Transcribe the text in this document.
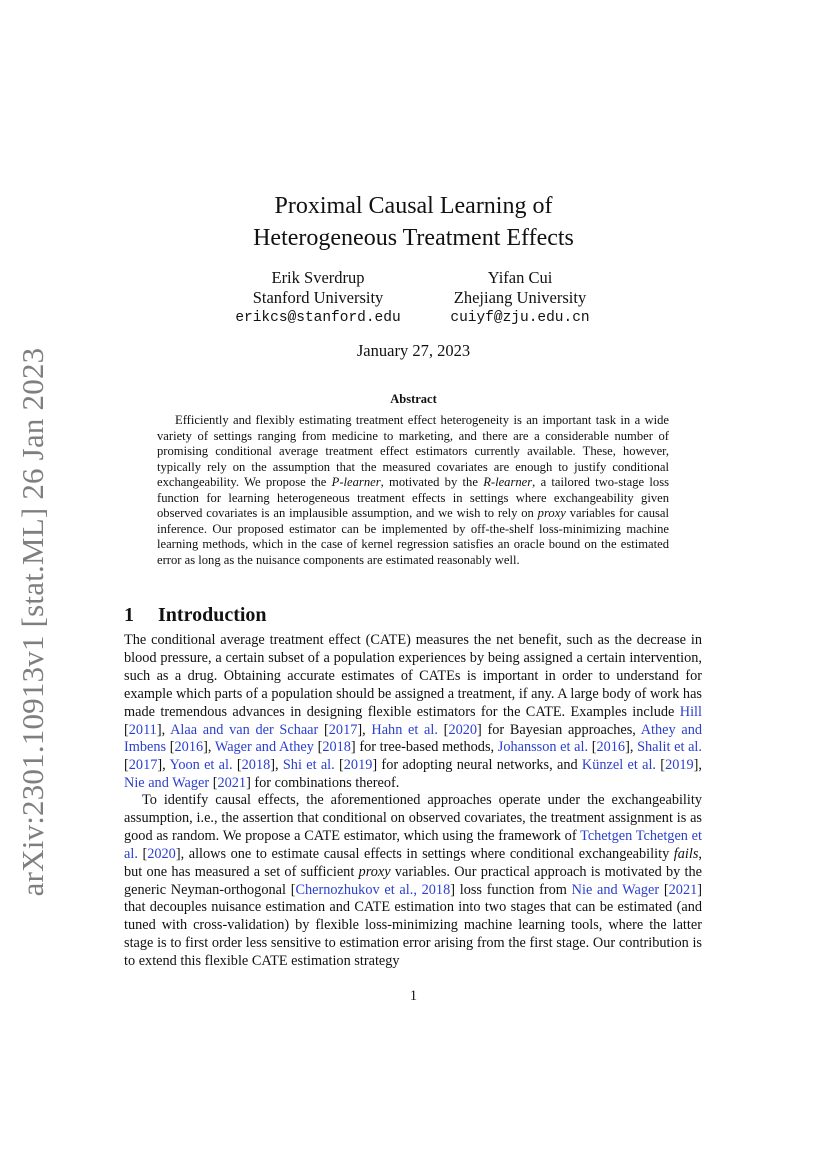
arXiv:2301.10913v1 [stat.ML] 26 Jan 2023
Proximal Causal Learning of
Heterogeneous Treatment Effects
Erik Sverdrup
Stanford University
erikcs@stanford.edu
Yifan Cui
Zhejiang University
cuiyf@zju.edu.cn
January 27, 2023
Abstract

Efficiently and flexibly estimating treatment effect heterogeneity is an important task in a wide variety of settings ranging from medicine to marketing, and there are a considerable number of promising conditional average treatment effect estimators currently available. These, however, typically rely on the assumption that the measured covariates are enough to justify conditional exchangeability. We propose the P-learner, motivated by the R-learner, a tailored two-stage loss function for learning heterogeneous treatment effects in settings where exchangeability given observed covariates is an implausible assumption, and we wish to rely on proxy variables for causal inference. Our proposed estimator can be implemented by off-the-shelf loss-minimizing machine learning methods, which in the case of kernel regression satisfies an oracle bound on the estimated error as long as the nuisance components are estimated reasonably well.

1 Introduction

The conditional average treatment effect (CATE) measures the net benefit, such as the decrease in blood pressure, a certain subset of a population experiences by being assigned a certain intervention, such as a drug. Obtaining accurate estimates of CATEs is important in order to understand for example which parts of a population should be assigned a treatment, if any. A large body of work has made tremendous advances in designing flexible estimators for the CATE. Examples include Hill [2011], Alaa and van der Schaar [2017], Hahn et al. [2020] for Bayesian approaches, Athey and Imbens [2016], Wager and Athey [2018] for tree-based methods, Johansson et al. [2016], Shalit et al. [2017], Yoon et al. [2018], Shi et al. [2019] for adopting neural networks, and Künzel et al. [2019], Nie and Wager [2021] for combinations thereof.

To identify causal effects, the aforementioned approaches operate under the exchangeability assumption, i.e., the assertion that conditional on observed covariates, the treatment assignment is as good as random. We propose a CATE estimator, which using the framework of Tchetgen Tchetgen et al. [2020], allows one to estimate causal effects in settings where conditional exchangeability fails, but one has measured a set of sufficient proxy variables. Our practical approach is motivated by the generic Neyman-orthogonal [Chernozhukov et al., 2018] loss function from Nie and Wager [2021] that decouples nuisance estimation and CATE estimation into two stages that can be estimated (and tuned with cross-validation) by flexible loss-minimizing machine learning tools, where the latter stage is to first order less sensitive to estimation error arising from the first stage. Our contribution is to extend this flexible CATE estimation strategy

1
